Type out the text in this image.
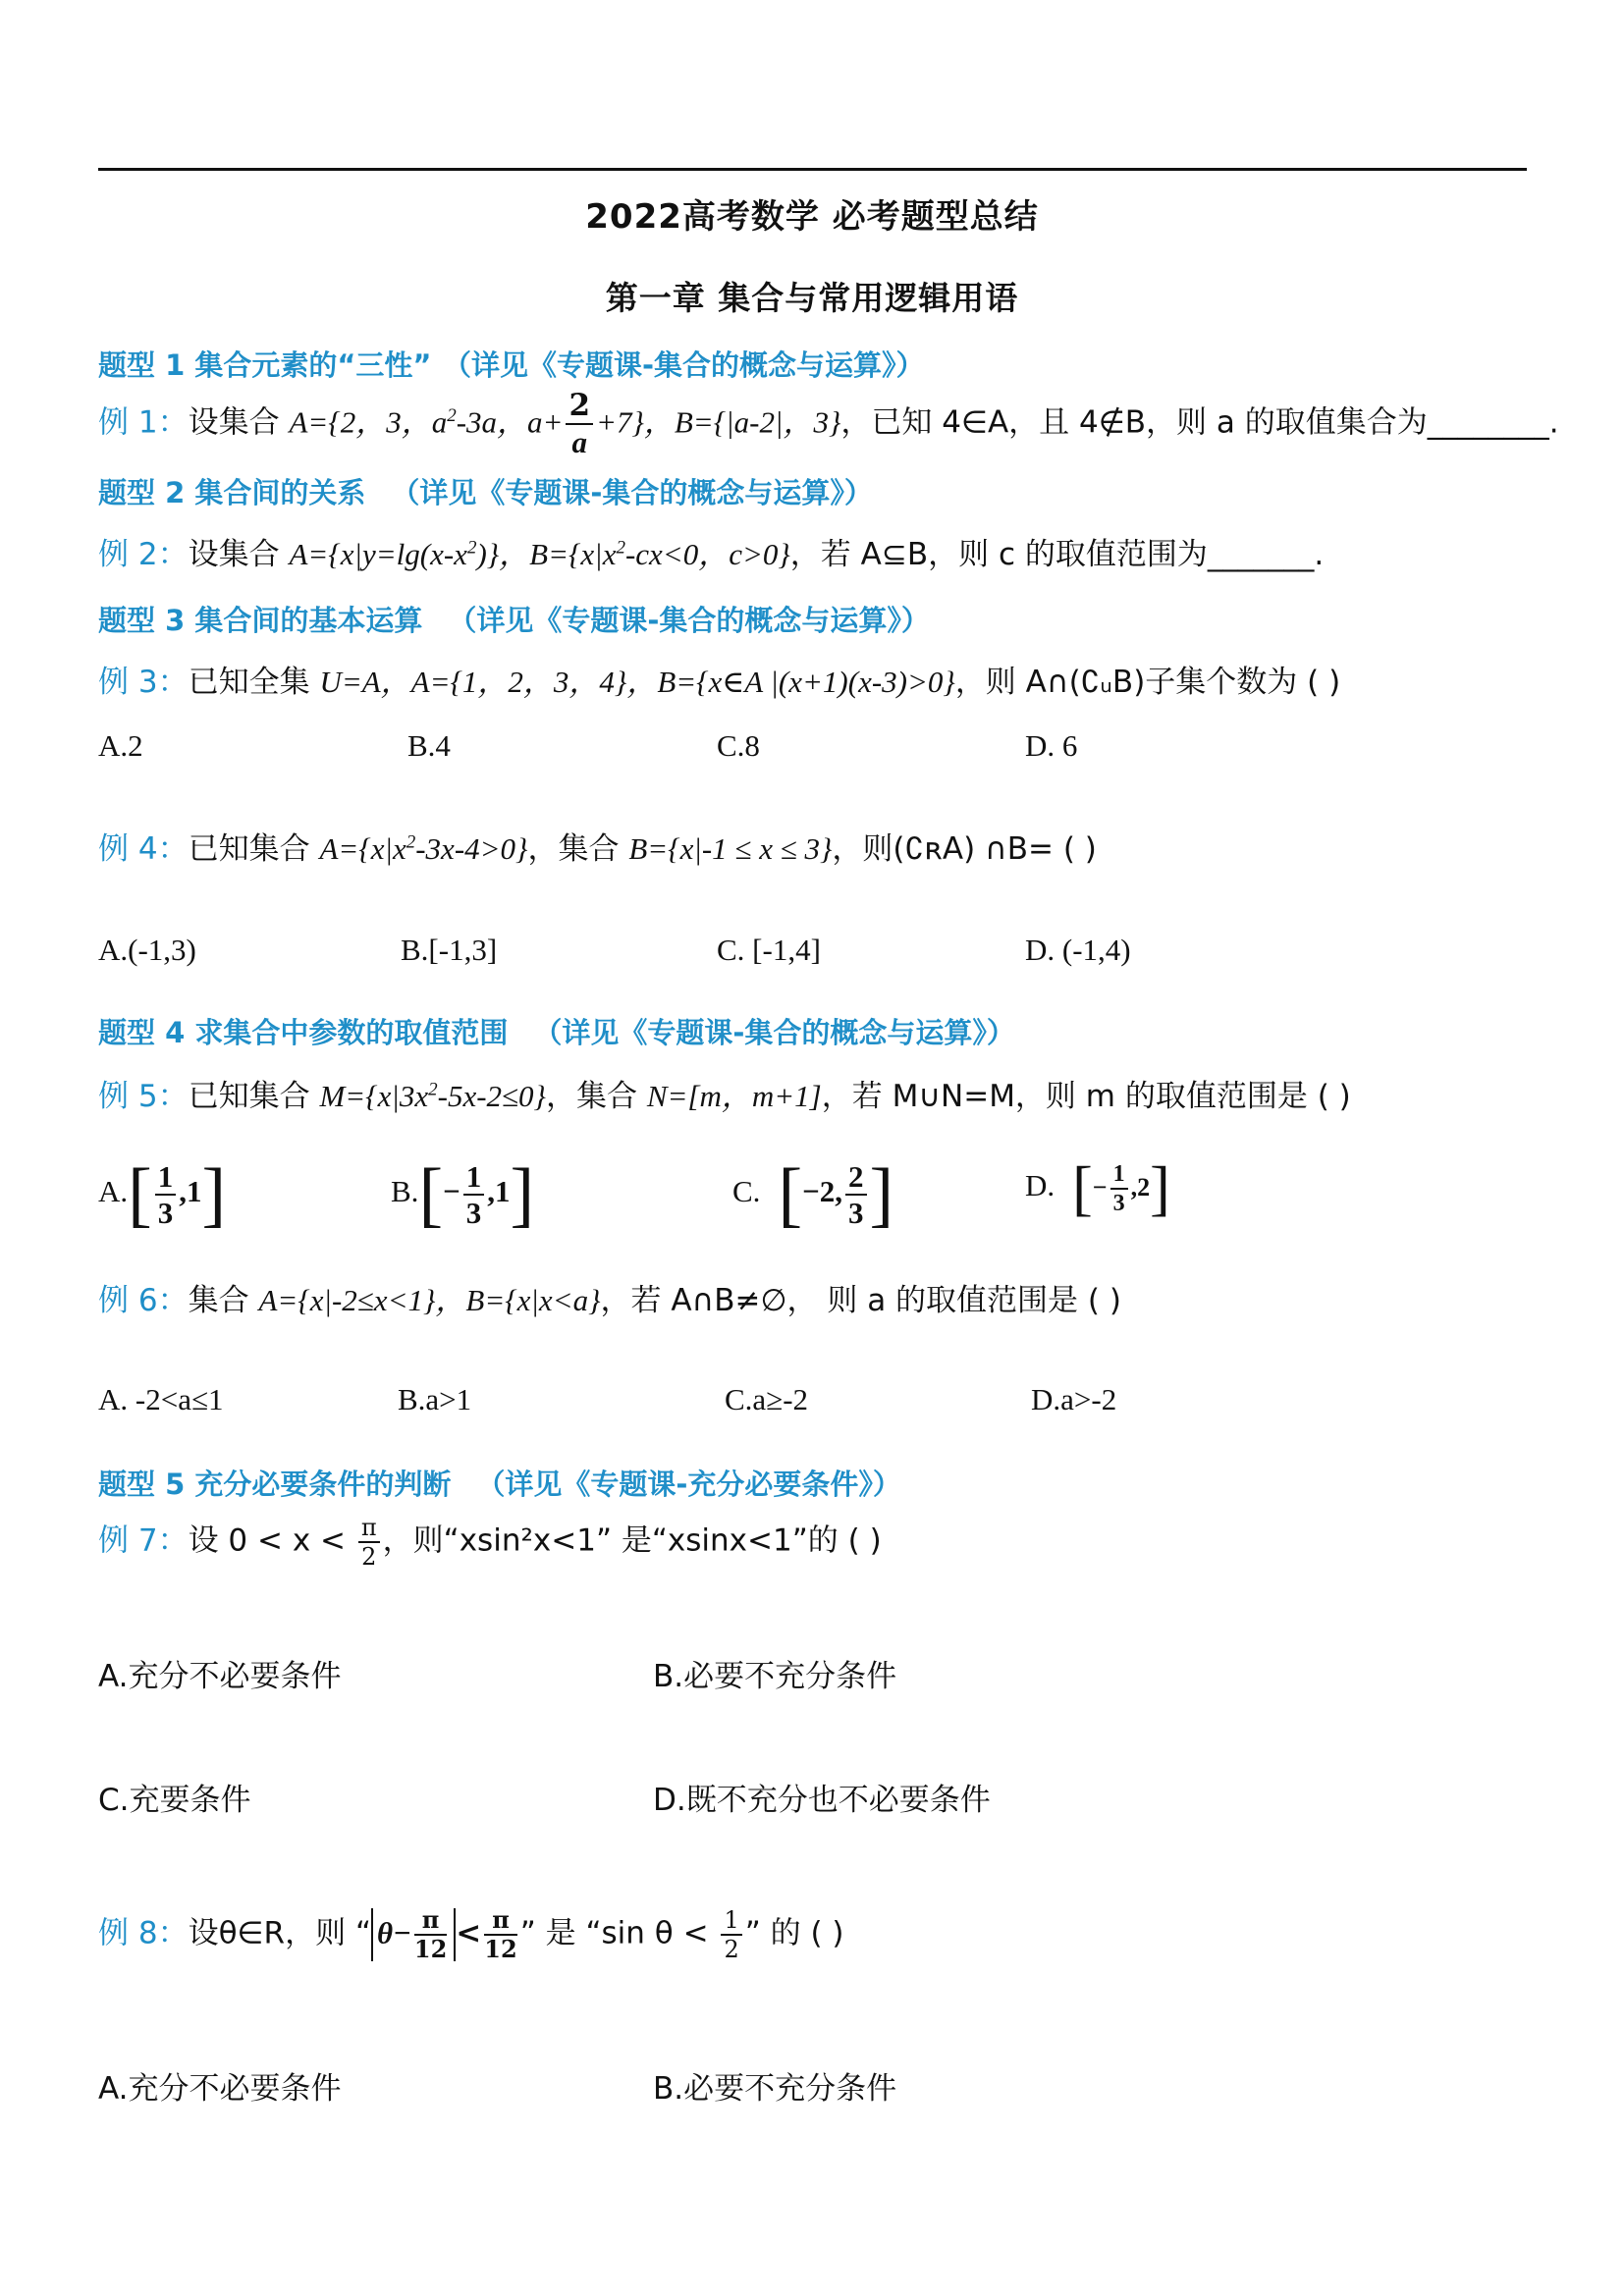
2022高考数学 必考题型总结
第一章 集合与常用逻辑用语
题型 1 集合元素的“三性” （详见《专题课-集合的概念与运算》）
例 1：设集合 A={2，3，$a^2-3a$，$a+ \frac{2}{a} +7$}，B={|a-2|，3}，已知 4∈A，且 4∉B，则 a 的取值集合为________.
题型 2 集合间的关系 （详见《专题课-集合的概念与运算》）
例 2：设集合 $A=\{x|y=\lg(x-x^2)\}$，$B=\{x|x^2-cx<0$，c>0}，若 A⊆B，则 c 的取值范围为_______.
题型 3 集合间的基本运算 （详见《专题课-集合的概念与运算》）
例 3：已知全集 U=A，A={1，2，3，4}，B={x∈A |(x+1)(x-3)>0}，则 A∩(∁ᵤB)子集个数为 ( )
A.2	B.4	C.8	D. 6
例 4：已知集合 $A=\{x|x^2-3x-4>0\}$，集合 B={x|-1 ≤ x ≤ 3}，则(∁ʀA) ∩B= ( )
A.(-1,3)	B.[-1,3]	C. [-1,4]	D. (-1,4)
题型 4 求集合中参数的取值范围 （详见《专题课-集合的概念与运算》）
例 5：已知集合 $M=\{x|3x^2-5x-2\le 0\}$，集合 N=[m，m+1]，若 M∪N=M，则 m 的取值范围是 ( )
$A.[ \frac{1}{3} ,1]$	$B.[- \frac{1}{3} ,1]$	C. [−2, $\frac{2}{3}$ ]	D. [− $\frac{1}{3} ,2$]
例 6：集合 A={x|-2≤x<1}，B={x|x<a}，若 A∩B≠∅， 则 a 的取值范围是 ( )
A. -2<a≤1	B.a>1	C.a≥-2	D.a>-2
题型 5 充分必要条件的判断 （详见《专题课-充分必要条件》）
例 7：设 $0 < x < \frac{\pi}{2}$ ，则“xsin²x<1” 是“xsinx<1”的 ( )
A.充分不必要条件	B.必要不充分条件
C.充要条件	D.既不充分也不必要条件
例 8：设θ∈R，则 “ $\theta- \frac{\pi}{12} < \frac{\pi}{12}$ ” 是 “sin $\theta < \frac{1}{2}$ ” 的 ( )
A.充分不必要条件	B.必要不充分条件
